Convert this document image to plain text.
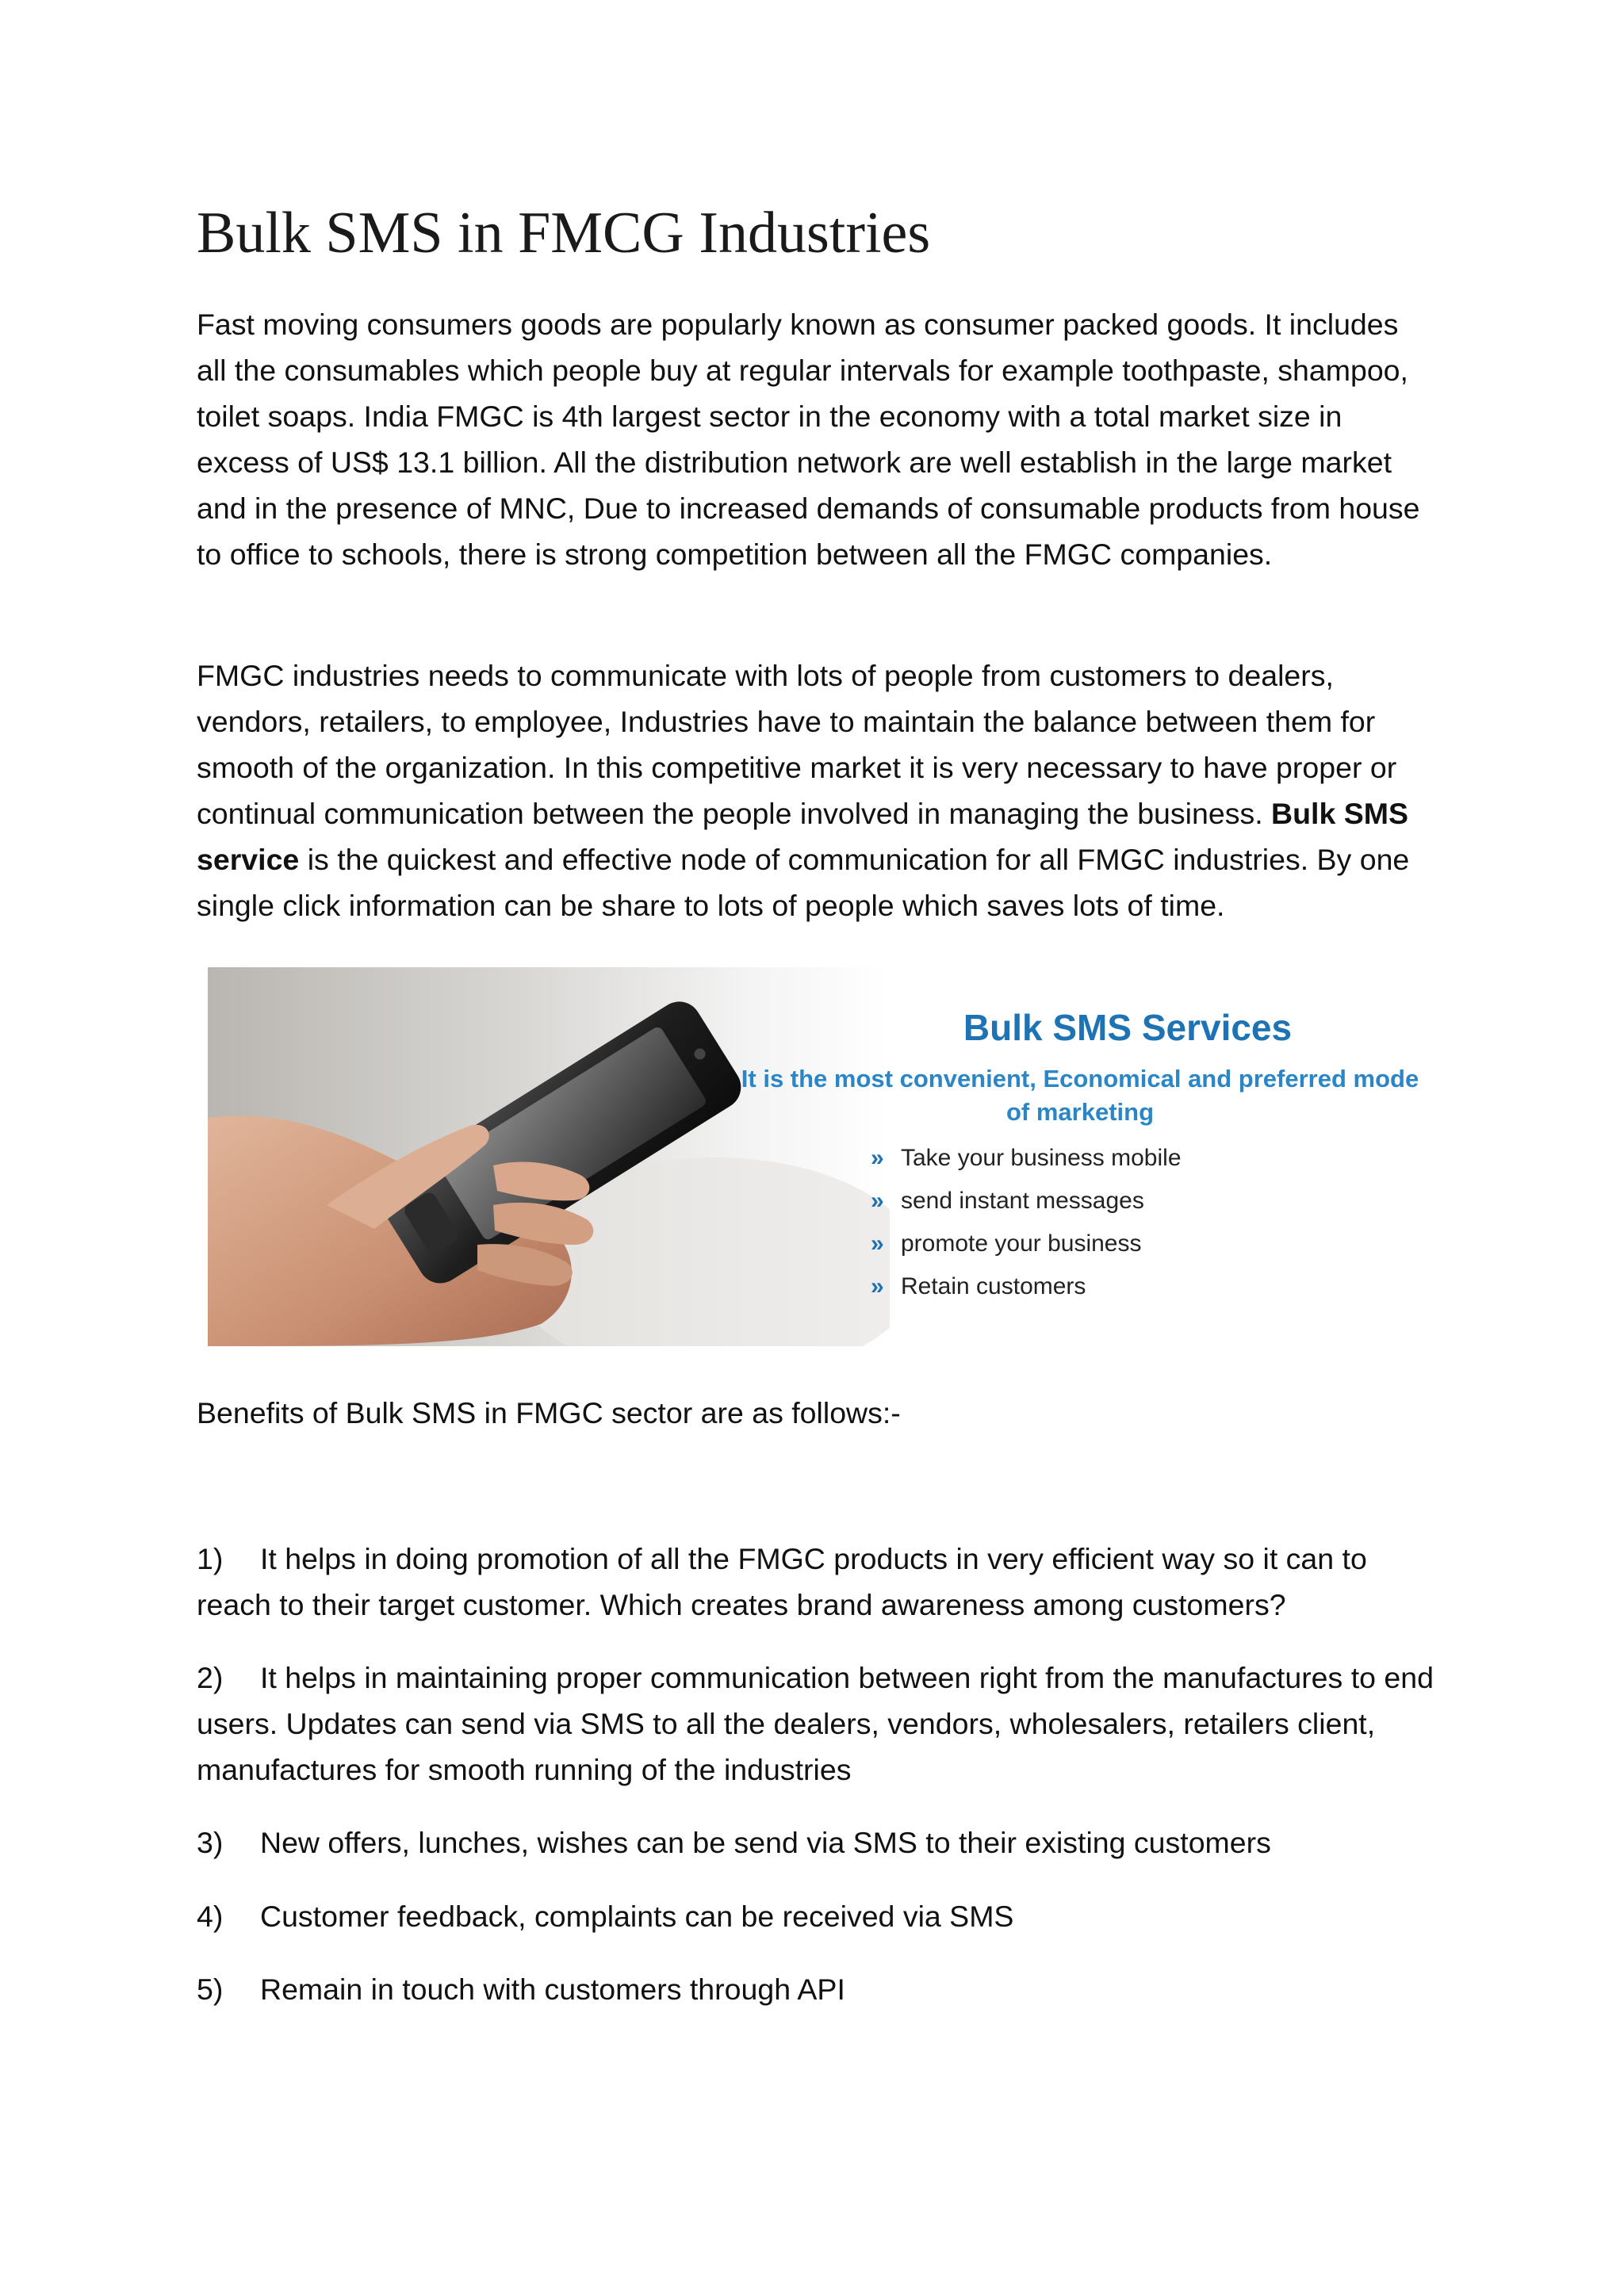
Bulk SMS in FMCG Industries

Fast moving consumers goods are popularly known as consumer packed goods. It includes all the consumables which people buy at regular intervals for example toothpaste, shampoo, toilet soaps. India FMGC is 4th largest sector in the economy with a total market size in excess of US$ 13.1 billion. All the distribution network are well establish in the large market and in the presence of MNC, Due to increased demands of consumable products from house to office to schools, there is strong competition between all the FMGC companies.

FMGC industries needs to communicate with lots of people from customers to dealers, vendors, retailers, to employee, Industries have to maintain the balance between them for smooth of the organization. In this competitive market it is very necessary to have proper or continual communication between the people involved in managing the business. Bulk SMS service is the quickest and effective node of communication for all FMGC industries. By one single click information can be share to lots of people which saves lots of time.

Bulk SMS Services
It is the most convenient, Economical and preferred mode of marketing
» Take your business mobile
» send instant messages
» promote your business
» Retain customers

Benefits of Bulk SMS in FMGC sector are as follows:-

1) It helps in doing promotion of all the FMGC products in very efficient way so it can to reach to their target customer. Which creates brand awareness among customers?

2) It helps in maintaining proper communication between right from the manufactures to end users. Updates can send via SMS to all the dealers, vendors, wholesalers, retailers client, manufactures for smooth running of the industries

3) New offers, lunches, wishes can be send via SMS to their existing customers

4) Customer feedback, complaints can be received via SMS

5) Remain in touch with customers through API
